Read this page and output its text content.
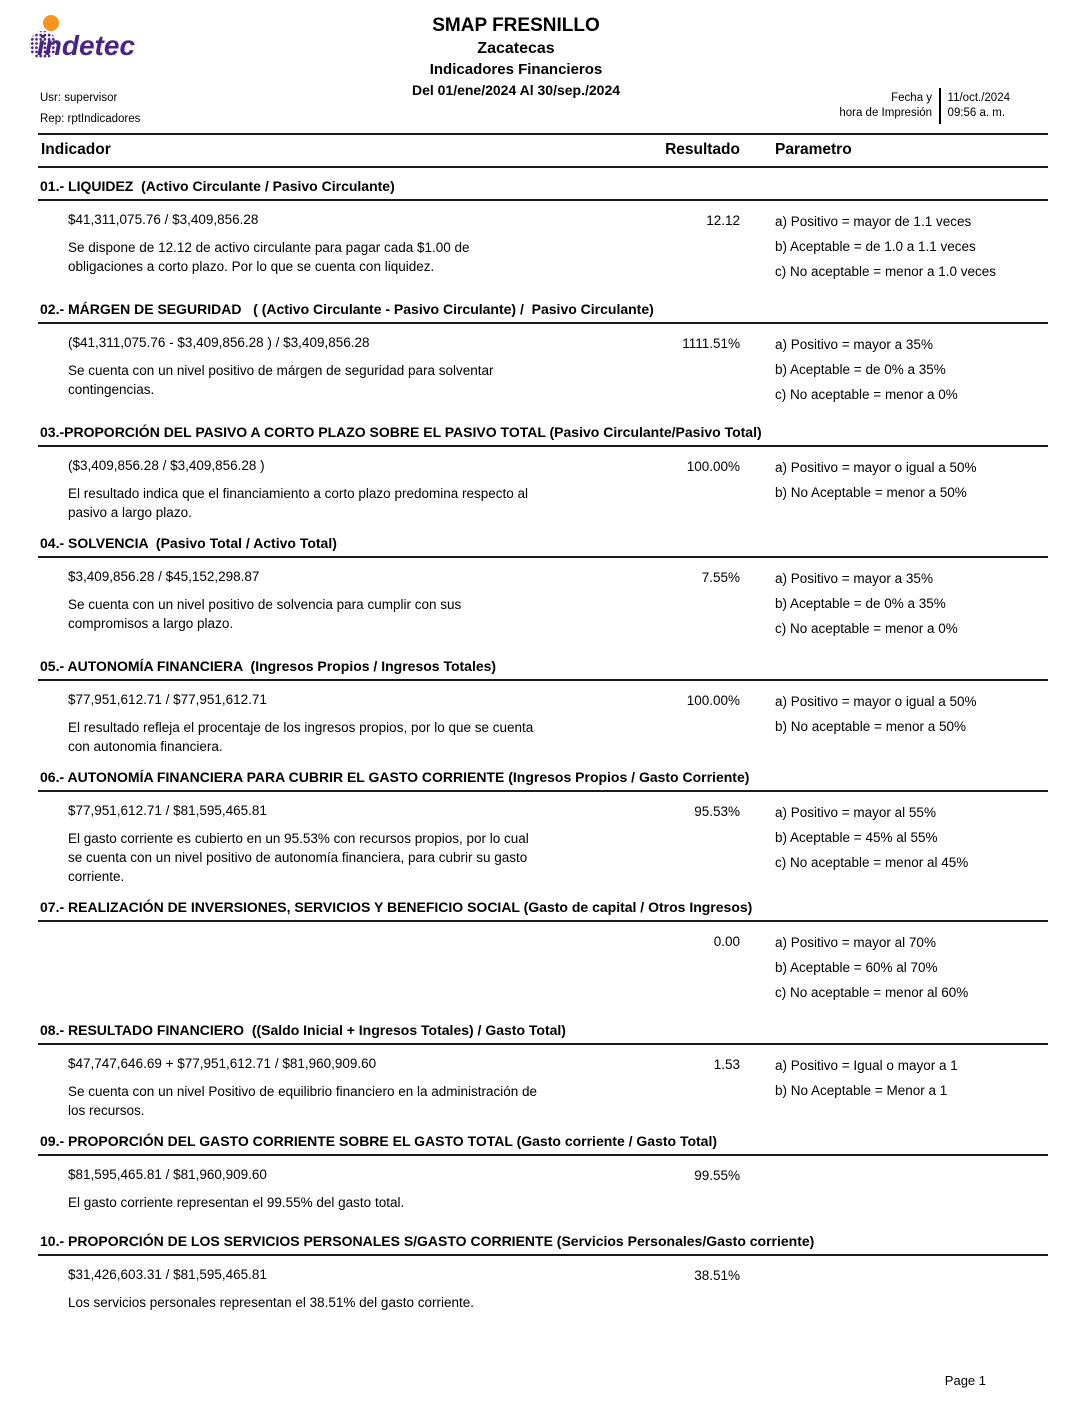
indetec
SMAP FRESNILLO
Zacatecas
Indicadores Financieros
Del 01/ene/2024 Al 30/sep./2024
Usr: supervisor
Rep: rptIndicadores
Fecha y
hora de Impresión
11/oct./2024
09:56 a. m.
Indicador	Resultado	Parametro
01.- LIQUIDEZ  (Activo Circulante / Pasivo Circulante)
$41,311,075.76 / $3,409,856.28
Se dispone de 12.12 de activo circulante para pagar cada $1.00 de obligaciones a corto plazo. Por lo que se cuenta con liquidez.
12.12	a) Positivo = mayor de 1.1 veces
b) Aceptable = de 1.0 a 1.1 veces
c) No aceptable = menor a 1.0 veces
02.- MÁRGEN DE SEGURIDAD   ( (Activo Circulante - Pasivo Circulante) /  Pasivo Circulante)
($41,311,075.76 - $3,409,856.28 ) / $3,409,856.28
Se cuenta con un nivel positivo de márgen de seguridad para solventar contingencias.
1111.51%	a) Positivo = mayor a 35%
b) Aceptable = de 0% a 35%
c) No aceptable = menor a 0%
03.-PROPORCIÓN DEL PASIVO A CORTO PLAZO SOBRE EL PASIVO TOTAL (Pasivo Circulante/Pasivo Total)
($3,409,856.28 / $3,409,856.28 )
El resultado indica que el financiamiento a corto plazo predomina respecto al pasivo a largo plazo.
100.00%	a) Positivo = mayor o igual a 50%
b) No Aceptable = menor a 50%
04.- SOLVENCIA  (Pasivo Total / Activo Total)
$3,409,856.28 / $45,152,298.87
Se cuenta con un nivel positivo de solvencia para cumplir con sus compromisos a largo plazo.
7.55%	a) Positivo = mayor a 35%
b) Aceptable = de 0% a 35%
c) No aceptable = menor a 0%
05.- AUTONOMÍA FINANCIERA  (Ingresos Propios / Ingresos Totales)
$77,951,612.71 / $77,951,612.71
El resultado refleja el procentaje de los ingresos propios, por lo que se cuenta con autonomia financiera.
100.00%	a) Positivo = mayor o igual a 50%
b) No aceptable = menor a 50%
06.- AUTONOMÍA FINANCIERA PARA CUBRIR EL GASTO CORRIENTE (Ingresos Propios / Gasto Corriente)
$77,951,612.71 / $81,595,465.81
El gasto corriente es cubierto en un 95.53% con recursos propios, por lo cual se cuenta con un nivel positivo de autonomía financiera, para cubrir su gasto corriente.
95.53%	a) Positivo = mayor al 55%
b) Aceptable = 45% al 55%
c) No aceptable = menor al 45%
07.- REALIZACIÓN DE INVERSIONES, SERVICIOS Y BENEFICIO SOCIAL (Gasto de capital / Otros Ingresos)
0.00	a) Positivo = mayor al 70%
b) Aceptable = 60% al 70%
c) No aceptable = menor al 60%
08.- RESULTADO FINANCIERO  ((Saldo Inicial + Ingresos Totales) / Gasto Total)
$47,747,646.69 + $77,951,612.71 / $81,960,909.60
Se cuenta con un nivel Positivo de equilibrio financiero en la administración de los recursos.
1.53	a) Positivo = Igual o mayor a 1
b) No Aceptable = Menor a 1
09.- PROPORCIÓN DEL GASTO CORRIENTE SOBRE EL GASTO TOTAL (Gasto corriente / Gasto Total)
$81,595,465.81 / $81,960,909.60
El gasto corriente representan el 99.55% del gasto total.
99.55%
10.- PROPORCIÓN DE LOS SERVICIOS PERSONALES S/GASTO CORRIENTE (Servicios Personales/Gasto corriente)
$31,426,603.31 / $81,595,465.81
Los servicios personales representan el 38.51% del gasto corriente.
38.51%
Page 1
